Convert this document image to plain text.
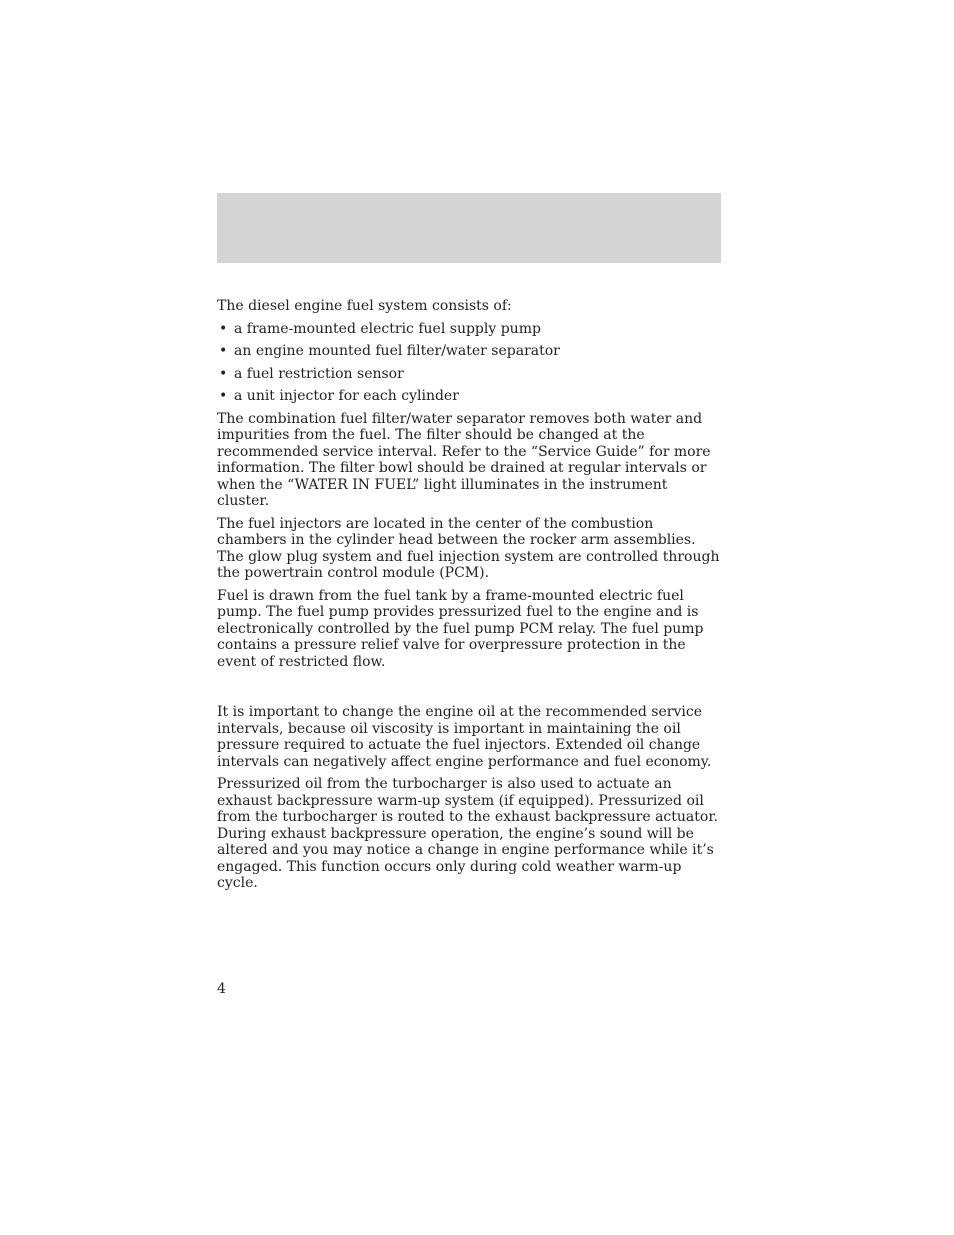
The diesel engine fuel system consists of:

• a frame-mounted electric fuel supply pump
• an engine mounted fuel filter/water separator
• a fuel restriction sensor
• a unit injector for each cylinder

The combination fuel filter/water separator removes both water and impurities from the fuel. The filter should be changed at the recommended service interval. Refer to the “Service Guide” for more information. The filter bowl should be drained at regular intervals or when the “WATER IN FUEL” light illuminates in the instrument cluster.

The fuel injectors are located in the center of the combustion chambers in the cylinder head between the rocker arm assemblies. The glow plug system and fuel injection system are controlled through the powertrain control module (PCM).

Fuel is drawn from the fuel tank by a frame-mounted electric fuel pump. The fuel pump provides pressurized fuel to the engine and is electronically controlled by the fuel pump PCM relay. The fuel pump contains a pressure relief valve for overpressure protection in the event of restricted flow.

It is important to change the engine oil at the recommended service intervals, because oil viscosity is important in maintaining the oil pressure required to actuate the fuel injectors. Extended oil change intervals can negatively affect engine performance and fuel economy.

Pressurized oil from the turbocharger is also used to actuate an exhaust backpressure warm-up system (if equipped). Pressurized oil from the turbocharger is routed to the exhaust backpressure actuator. During exhaust backpressure operation, the engine’s sound will be altered and you may notice a change in engine performance while it’s engaged. This function occurs only during cold weather warm-up cycle.

4
